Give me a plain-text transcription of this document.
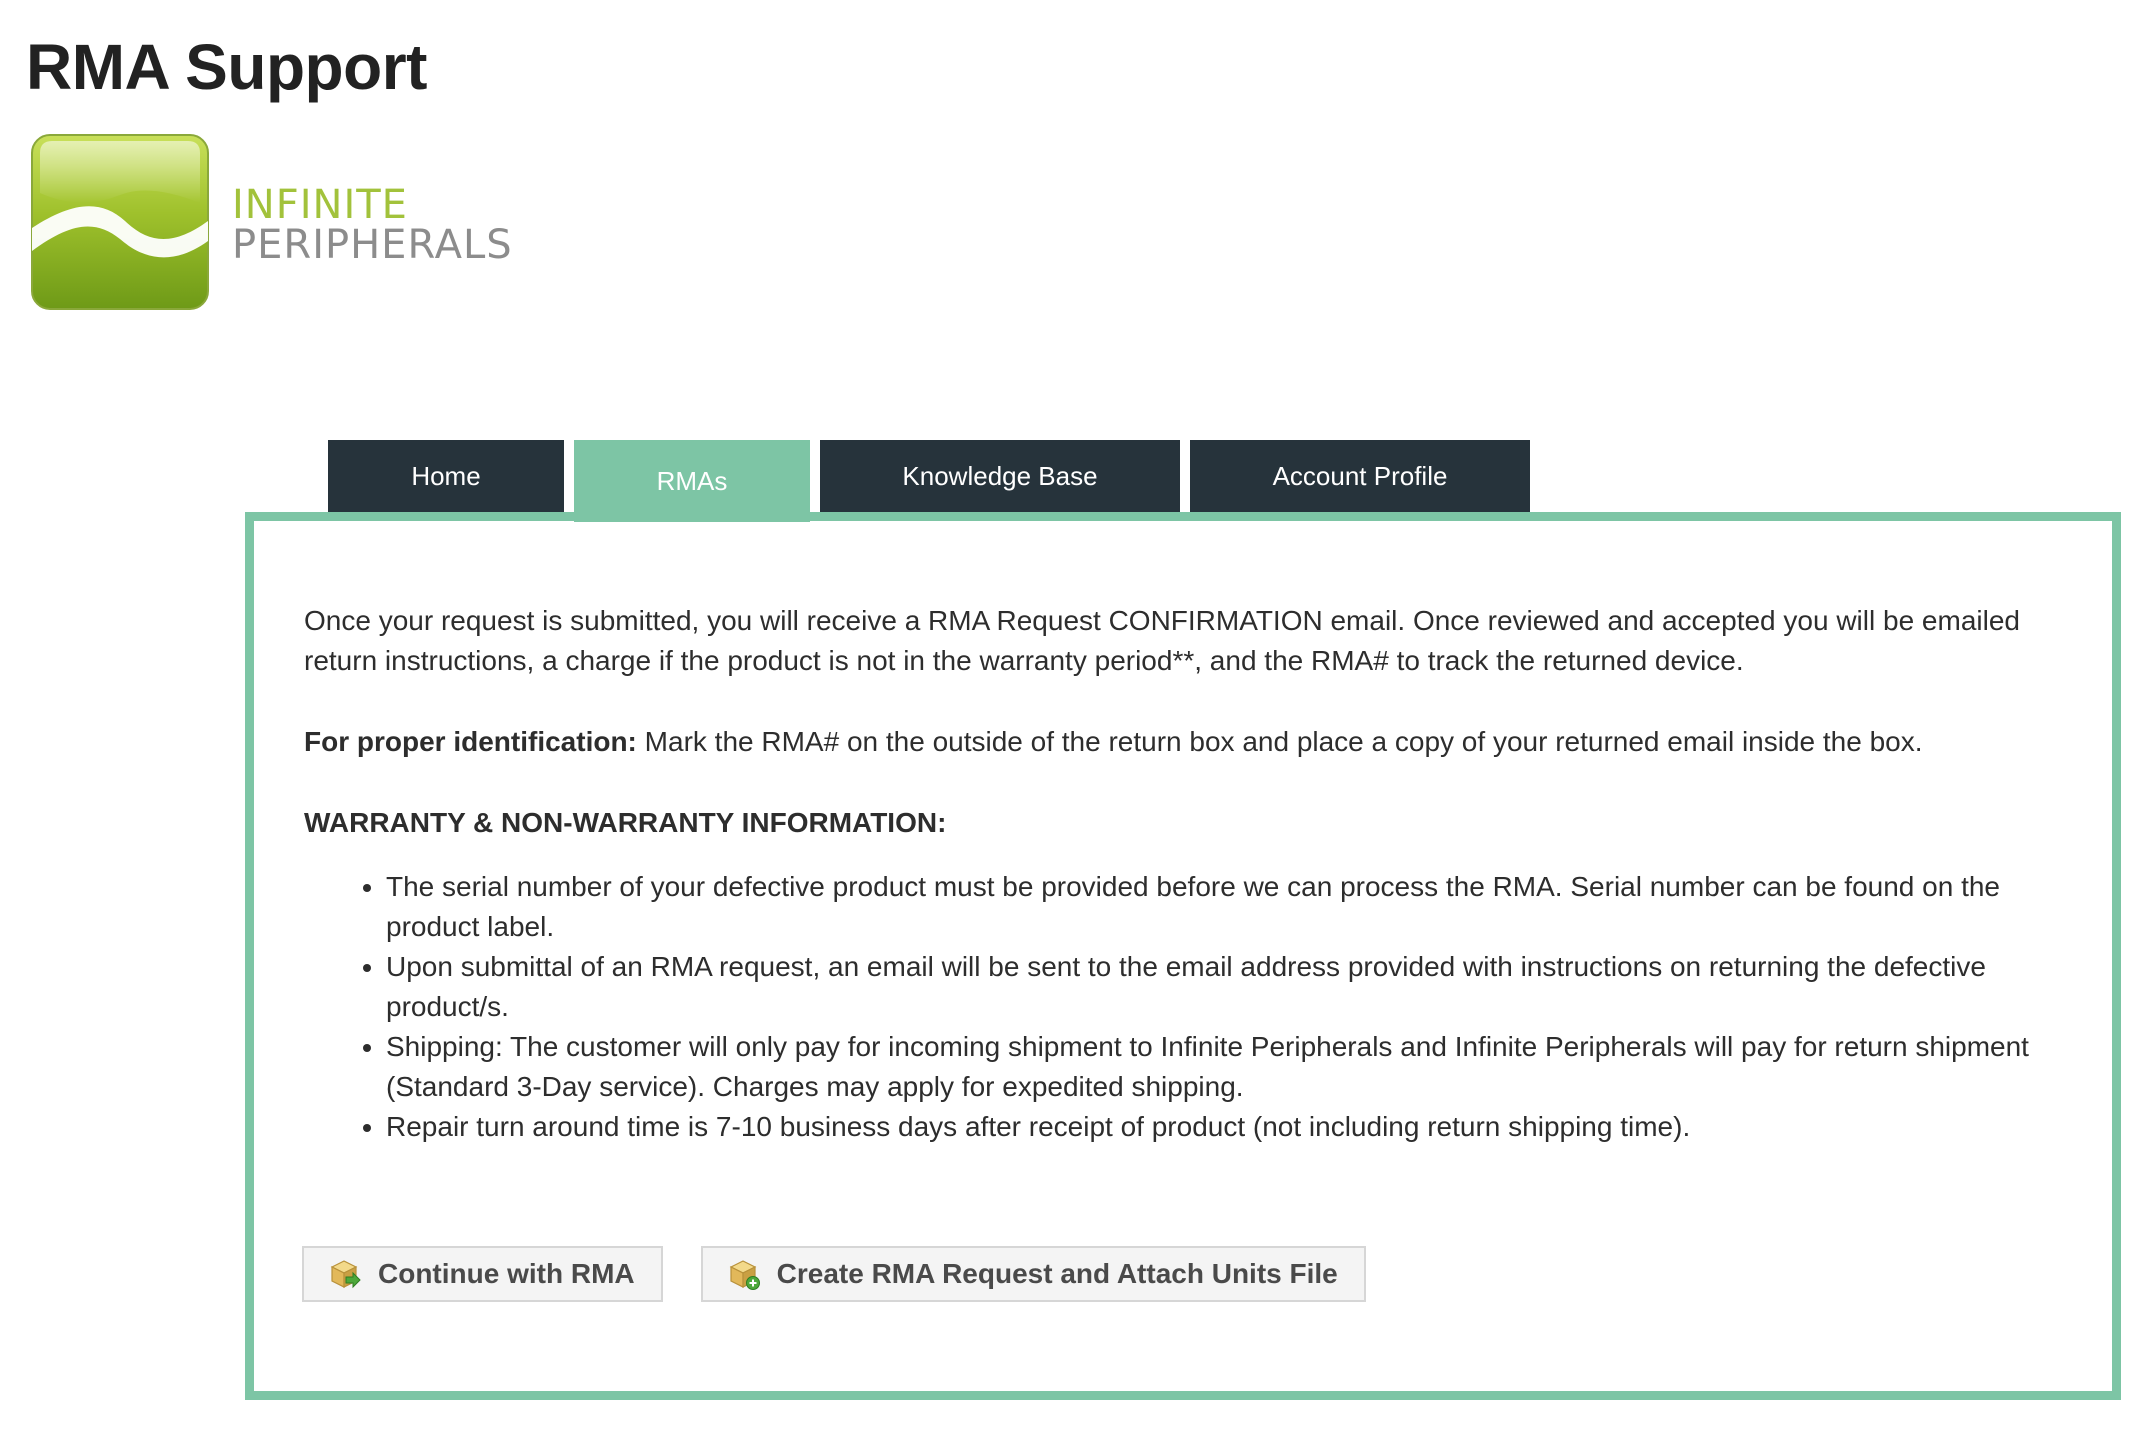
RMA Support
INFINITE
PERIPHERALS
Home	RMAs	Knowledge Base	Account Profile

Once your request is submitted, you will receive a RMA Request CONFIRMATION email. Once reviewed and accepted you will be emailed return instructions, a charge if the product is not in the warranty period**, and the RMA# to track the returned device.

For proper identification: Mark the RMA# on the outside of the return box and place a copy of your returned email inside the box.

WARRANTY & NON-WARRANTY INFORMATION:

• The serial number of your defective product must be provided before we can process the RMA. Serial number can be found on the product label.
• Upon submittal of an RMA request, an email will be sent to the email address provided with instructions on returning the defective product/s.
• Shipping: The customer will only pay for incoming shipment to Infinite Peripherals and Infinite Peripherals will pay for return shipment (Standard 3-Day service). Charges may apply for expedited shipping.
• Repair turn around time is 7-10 business days after receipt of product (not including return shipping time).
Continue with RMA	Create RMA Request and Attach Units File
